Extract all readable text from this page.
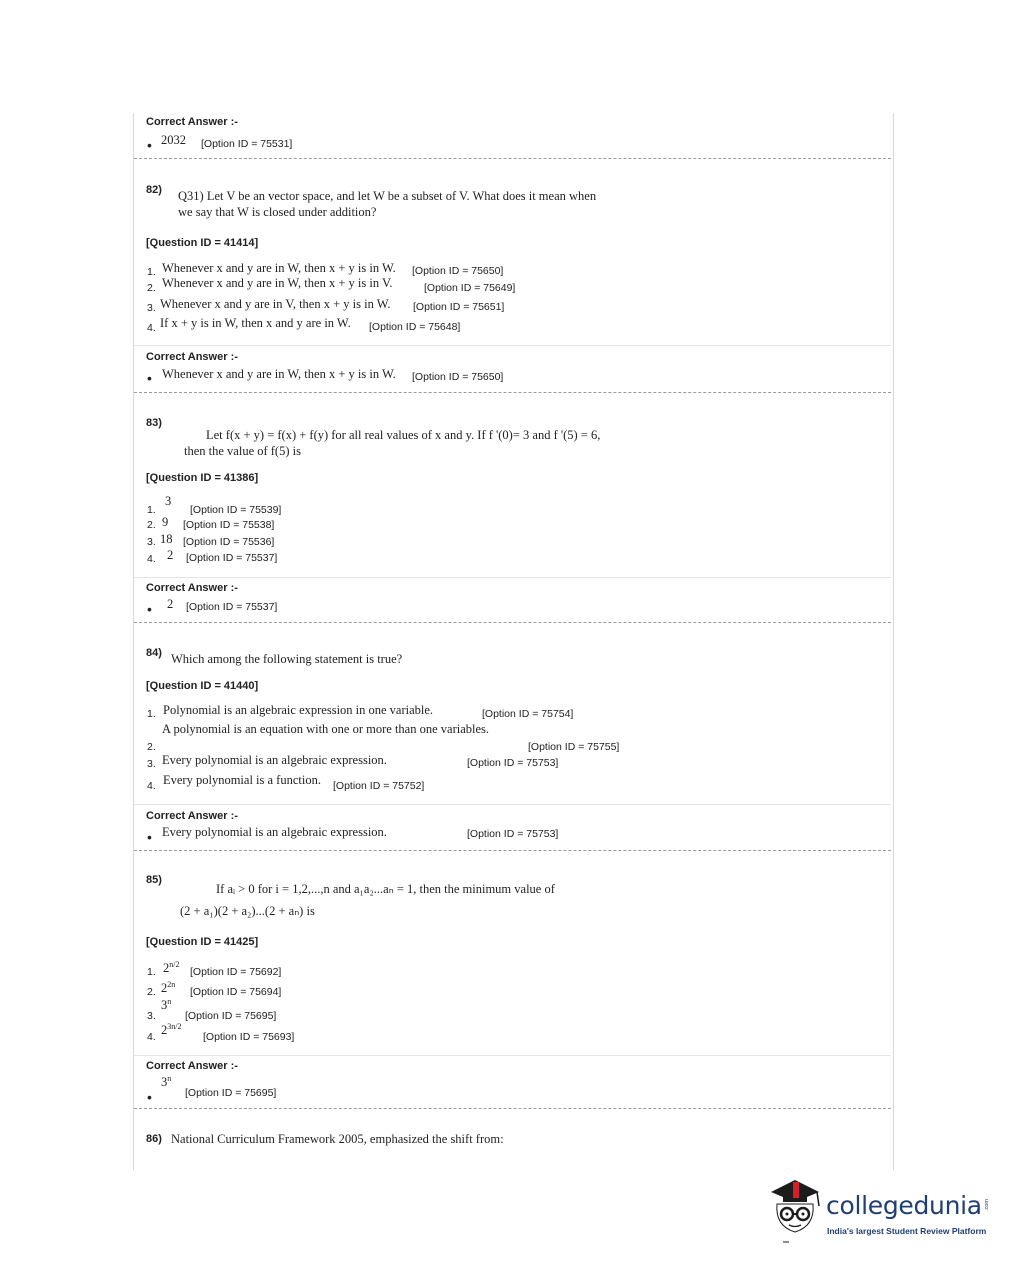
Correct Answer :-
• 2032 [Option ID = 75531]
82) Q31) Let V be an vector space, and let W be a subset of V. What does it mean when
we say that W is closed under addition?
[Question ID = 41414]
1. Whenever x and y are in W, then x + y is in W. [Option ID = 75650]
2. Whenever x and y are in W, then x + y is in V.	[Option ID = 75649]
3. Whenever x and y are in V, then x + y is in W. [Option ID = 75651]
4. If x + y is in W, then x and y are in W. [Option ID = 75648]
Correct Answer :-
• Whenever x and y are in W, then x + y is in W. [Option ID = 75650]
83)
Let f(x + y) = f(x) + f(y) for all real values of x and y. If f '(0)= 3 and f '(5) = 6,
then the value of f(5) is
[Question ID = 41386]
1.
3
[Option ID = 75539]
2. 9 [Option ID = 75538]
3. 18 [Option ID = 75536]
4. 2 [Option ID = 75537]
Correct Answer :-
• 2 [Option ID = 75537]
84) Which among the following statement is true?
[Question ID = 41440]
1. Polynomial is an algebraic expression in one variable.	[Option ID = 75754]
2.
A polynomial is an equation with one or more than one variables.
[Option ID = 75755]
3. Every polynomial is an algebraic expression.	[Option ID = 75753]
4. Every polynomial is a function. [Option ID = 75752]
Correct Answer :-
• Every polynomial is an algebraic expression.	[Option ID = 75753]
85)
If aᵢ > 0 for i = 1,2,...,n and a₁a₂...aₙ = 1, then the minimum value of
(2 + a₁)(2 + a₂)...(2 + aₙ) is
[Question ID = 41425]
1. $2^{n/2}$
[Option ID = 75692]
2. $2^{2n}$
[Option ID = 75694]
3.
3$^n$
[Option ID = 75695]
4. $2^{3n/2}$
[Option ID = 75693]
Correct Answer :-
•
3$^n$
[Option ID = 75695]
86) National Curriculum Framework 2005, emphasized the shift from:
collegedunia .com
India's largest Student Review Platform
